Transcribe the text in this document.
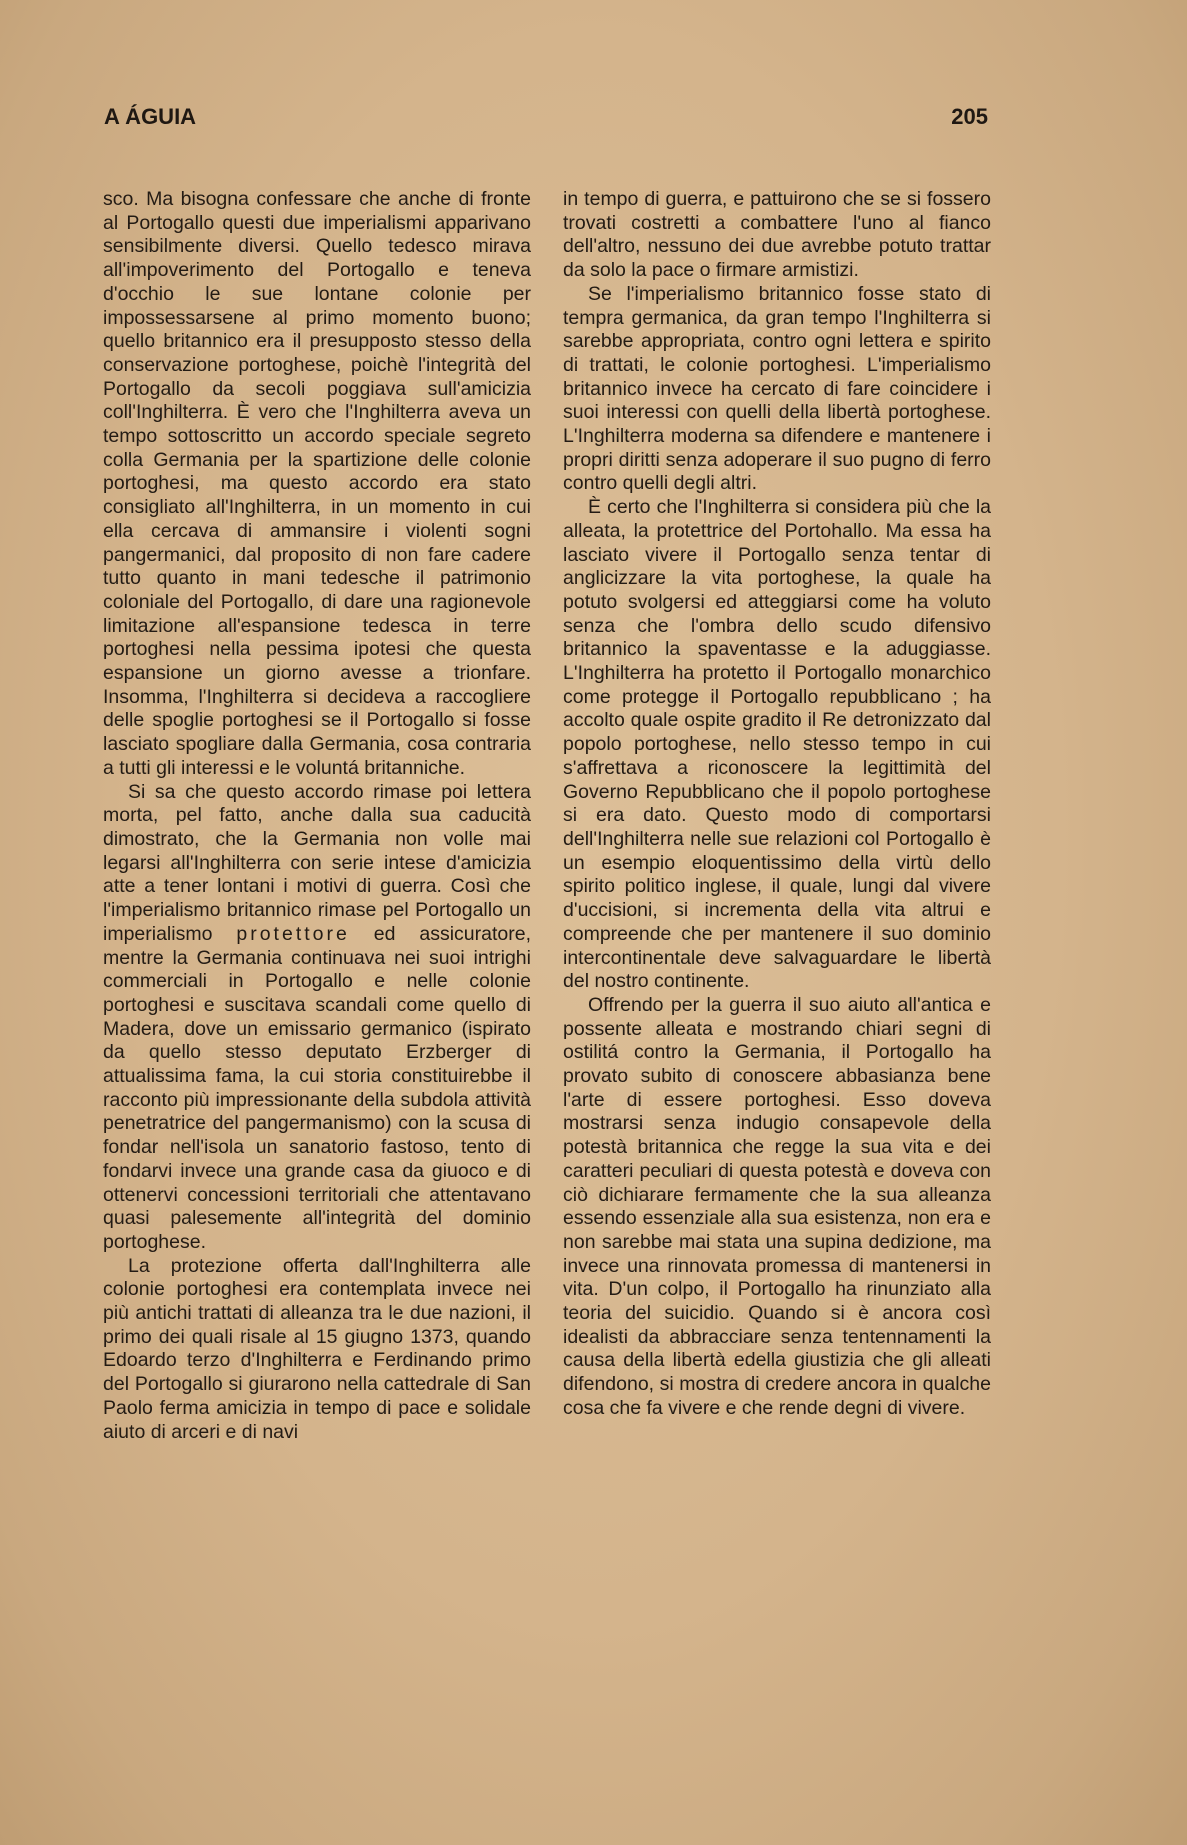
A ÁGUIA	205

sco. Ma bisogna confessare che anche di fronte al Portogallo questi due imperialismi apparivano sensibilmente diversi. Quello tedesco mirava all'impoverimento del Portogallo e teneva d'occhio le sue lontane colonie per impossessarsene al primo momento buono; quello britannico era il presupposto stesso della conservazione portoghese, poichè l'integrità del Portogallo da secoli poggiava sull'amicizia coll'Inghilterra. È vero che l'Inghilterra aveva un tempo sottoscritto un accordo speciale segreto colla Germania per la spartizione delle colonie portoghesi, ma questo accordo era stato consigliato all'Inghilterra, in un momento in cui ella cercava di ammansire i violenti sogni pangermanici, dal proposito di non fare cadere tutto quanto in mani tedesche il patrimonio coloniale del Portogallo, di dare una ragionevole limitazione all'espansione tedesca in terre portoghesi nella pessima ipotesi che questa espansione un giorno avesse a trionfare. Insomma, l'Inghilterra si decideva a raccogliere delle spoglie portoghesi se il Portogallo si fosse lasciato spogliare dalla Germania, cosa contraria a tutti gli interessi e le voluntá britanniche.

Si sa che questo accordo rimase poi lettera morta, pel fatto, anche dalla sua caducità dimostrato, che la Germania non volle mai legarsi all'Inghilterra con serie intese d'amicizia atte a tener lontani i motivi di guerra. Così che l'imperialismo britannico rimase pel Portogallo un imperialismo protettore ed assicuratore, mentre la Germania continuava nei suoi intrighi commerciali in Portogallo e nelle colonie portoghesi e suscitava scandali come quello di Madera, dove un emissario germanico (ispirato da quello stesso deputato Erzberger di attualissima fama, la cui storia constituirebbe il racconto più impressionante della subdola attività penetratrice del pangermanismo) con la scusa di fondar nell'isola un sanatorio fastoso, tento di fondarvi invece una grande casa da giuoco e di ottenervi concessioni territoriali che attentavano quasi palesemente all'integrità del dominio portoghese.

La protezione offerta dall'Inghilterra alle colonie portoghesi era contemplata invece nei più antichi trattati di alleanza tra le due nazioni, il primo dei quali risale al 15 giugno 1373, quando Edoardo terzo d'Inghilterra e Ferdinando primo del Portogallo si giurarono nella cattedrale di San Paolo ferma amicizia in tempo di pace e solidale aiuto di arceri e di navi

in tempo di guerra, e pattuirono che se si fossero trovati costretti a combattere l'uno al fianco dell'altro, nessuno dei due avrebbe potuto trattar da solo la pace o firmare armistizi.

Se l'imperialismo britannico fosse stato di tempra germanica, da gran tempo l'Inghilterra si sarebbe appropriata, contro ogni lettera e spirito di trattati, le colonie portoghesi. L'imperialismo britannico invece ha cercato di fare coincidere i suoi interessi con quelli della libertà portoghese. L'Inghilterra moderna sa difendere e mantenere i propri diritti senza adoperare il suo pugno di ferro contro quelli degli altri.

È certo che l'Inghilterra si considera più che la alleata, la protettrice del Portohallo. Ma essa ha lasciato vivere il Portogallo senza tentar di anglicizzare la vita portoghese, la quale ha potuto svolgersi ed atteggiarsi come ha voluto senza che l'ombra dello scudo difensivo britannico la spaventasse e la aduggiasse. L'Inghilterra ha protetto il Portogallo monarchico come protegge il Portogallo repubblicano ; ha accolto quale ospite gradito il Re detronizzato dal popolo portoghese, nello stesso tempo in cui s'affrettava a riconoscere la legittimità del Governo Repubblicano che il popolo portoghese si era dato. Questo modo di comportarsi dell'Inghilterra nelle sue relazioni col Portogallo è un esempio eloquentissimo della virtù dello spirito politico inglese, il quale, lungi dal vivere d'uccisioni, si incrementa della vita altrui e compreende che per mantenere il suo dominio intercontinentale deve salvaguardare le libertà del nostro continente.

Offrendo per la guerra il suo aiuto all'antica e possente alleata e mostrando chiari segni di ostilitá contro la Germania, il Portogallo ha provato subito di conoscere abbasianza bene l'arte di essere portoghesi. Esso doveva mostrarsi senza indugio consapevole della potestà britannica che regge la sua vita e dei caratteri peculiari di questa potestà e doveva con ciò dichiarare fermamente che la sua alleanza essendo essenziale alla sua esistenza, non era e non sarebbe mai stata una supina dedizione, ma invece una rinnovata promessa di mantenersi in vita. D'un colpo, il Portogallo ha rinunziato alla teoria del suicidio. Quando si è ancora così idealisti da abbracciare senza tentennamenti la causa della libertà edella giustizia che gli alleati difendono, si mostra di credere ancora in qualche cosa che fa vivere e che rende degni di vivere.
